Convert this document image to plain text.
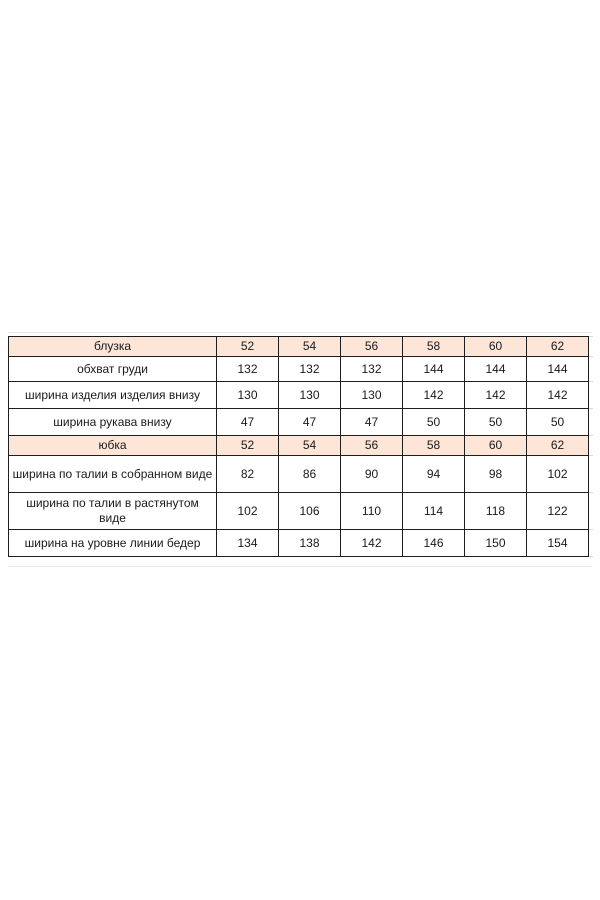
блузка	52	54	56	58	60	62	
обхват груди	132	132	132	144	144	144	
ширина изделия изделия внизу	130	130	130	142	142	142	
ширина рукава внизу	47	47	47	50	50	50	
юбка	52	54	56	58	60	62	
ширина по талии в собранном виде	82	86	90	94	98	102	
ширина по талии в растянутом виде	102	106	110	114	118	122	
ширина на уровне линии бедер	134	138	142	146	150	154	
